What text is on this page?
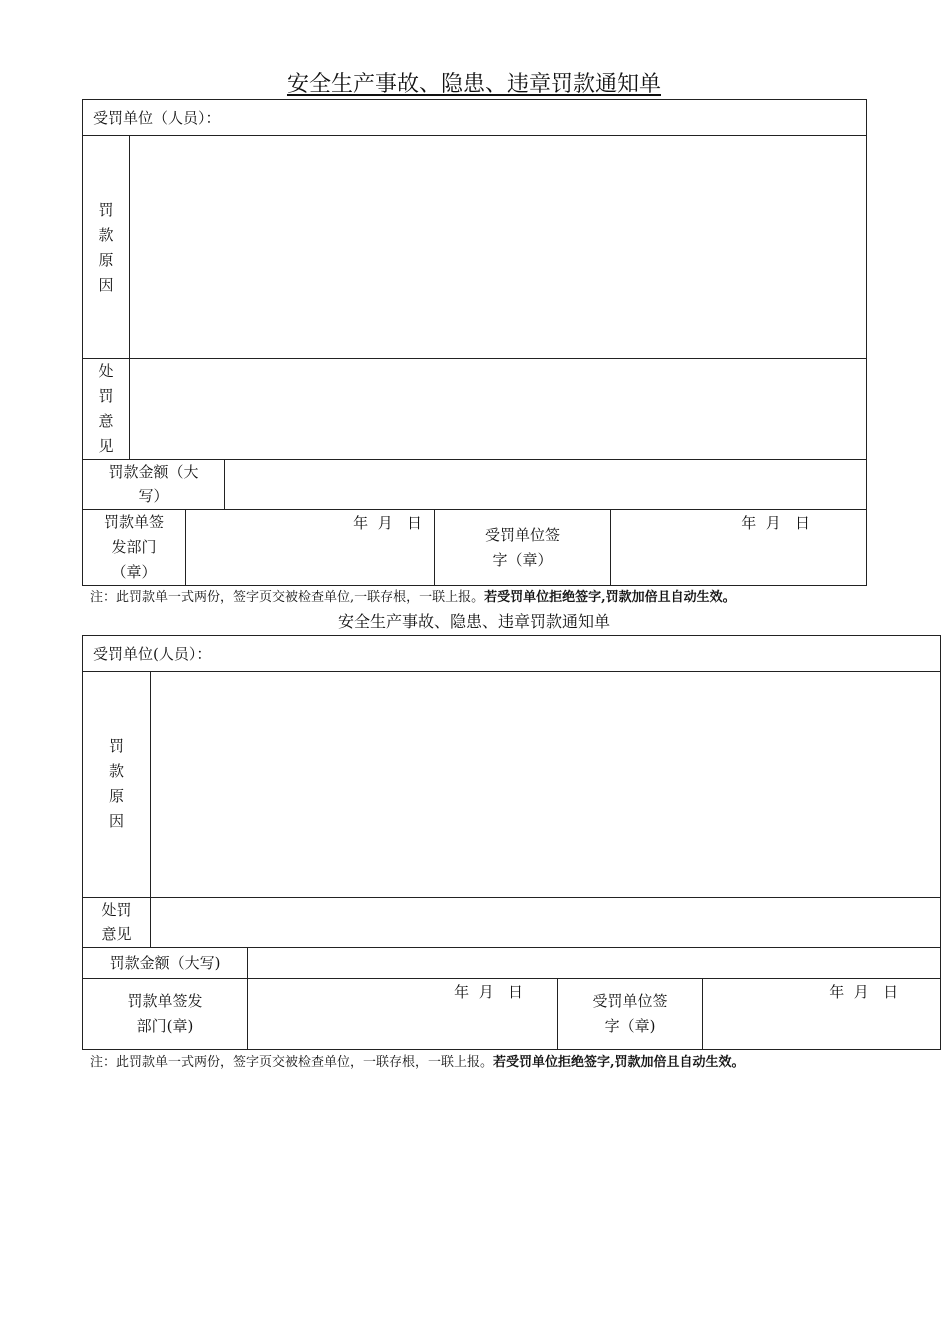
安全生产事故、隐患、违章罚款通知单
受罚单位（人员）：					
罚款原因					
处罚意见					
罚款金额（大写）					
罚款单签发部门（章）		年  月   日		受罚单位签字（章）	年  月   日
注：此罚款单一式两份，签字页交被检查单位,一联存根，一联上报。若受罚单位拒绝签字,罚款加倍且自动生效。
安全生产事故、隐患、违章罚款通知单
受罚单位(人员）：				
罚款原因				
处罚意见				
罚款金额（大写)				
罚款单签发部门(章)		年  月   日	受罚单位签字（章)	年  月   日
注：此罚款单一式两份，签字页交被检查单位，一联存根，一联上报。若受罚单位拒绝签字,罚款加倍且自动生效。
